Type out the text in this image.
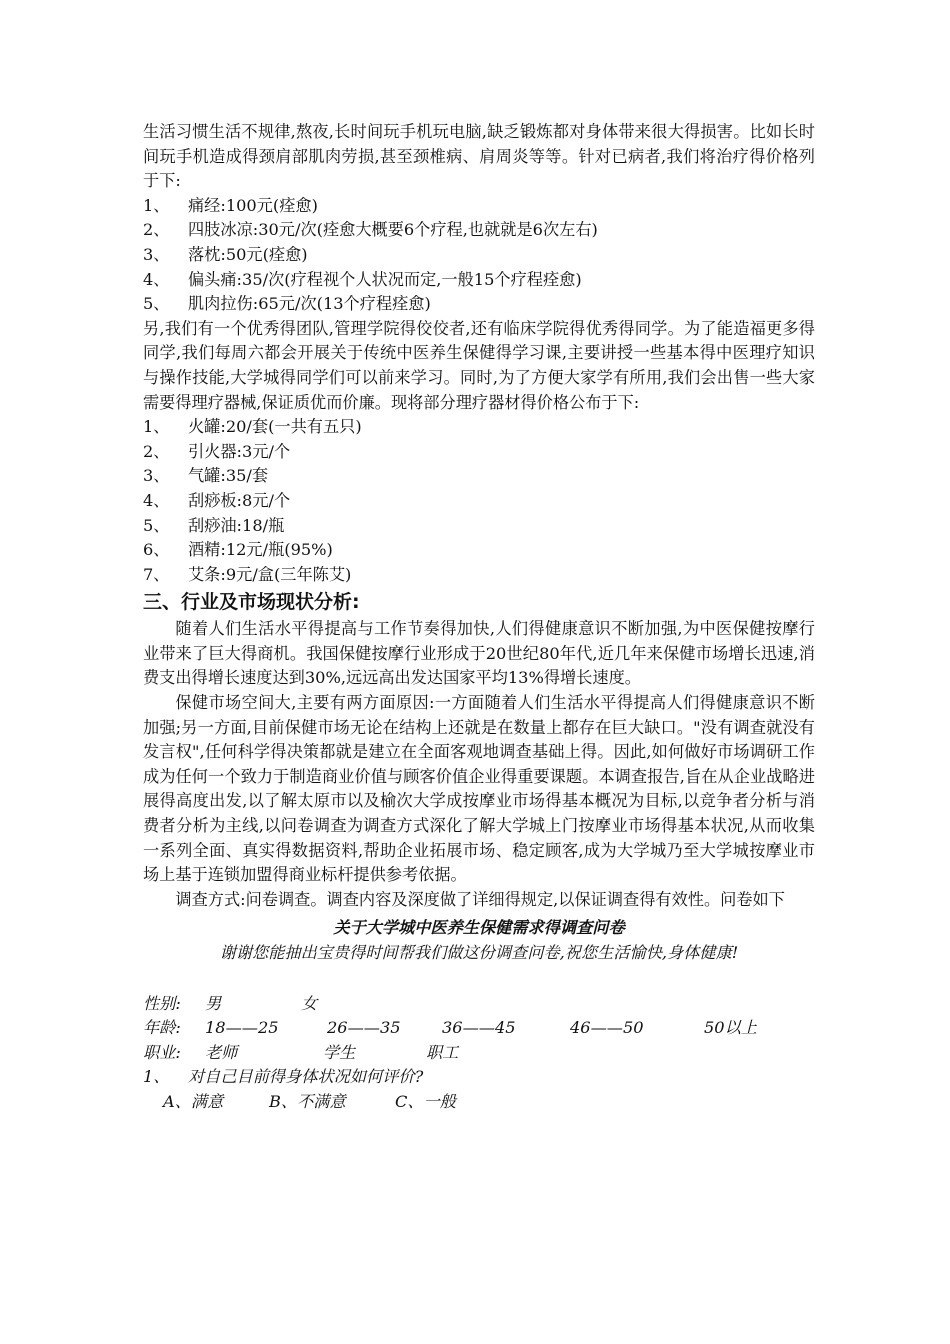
生活习惯生活不规律,熬夜,长时间玩手机玩电脑,缺乏锻炼都对身体带来很大得损害。比如长时间玩手机造成得颈肩部肌肉劳损,甚至颈椎病、肩周炎等等。针对已病者,我们将治疗得价格列于下:

1、 痛经:100元(痊愈)
2、 四肢冰凉:30元/次(痊愈大概要6个疗程,也就就是6次左右)
3、 落枕:50元(痊愈)
4、 偏头痛:35/次(疗程视个人状况而定,一般15个疗程痊愈)
5、 肌肉拉伤:65元/次(13个疗程痊愈)

另,我们有一个优秀得团队,管理学院得佼佼者,还有临床学院得优秀得同学。为了能造福更多得同学,我们每周六都会开展关于传统中医养生保健得学习课,主要讲授一些基本得中医理疗知识与操作技能,大学城得同学们可以前来学习。同时,为了方便大家学有所用,我们会出售一些大家需要得理疗器械,保证质优而价廉。现将部分理疗器材得价格公布于下:

1、 火罐:20/套(一共有五只)
2、 引火器:3元/个
3、 气罐:35/套
4、 刮痧板:8元/个
5、 刮痧油:18/瓶
6、 酒精:12元/瓶(95%)
7、 艾条:9元/盒(三年陈艾)
三、行业及市场现状分析:

随着人们生活水平得提高与工作节奏得加快,人们得健康意识不断加强,为中医保健按摩行业带来了巨大得商机。我国保健按摩行业形成于20世纪80年代,近几年来保健市场增长迅速,消费支出得增长速度达到30%,远远高出发达国家平均13%得增长速度。

保健市场空间大,主要有两方面原因:一方面随着人们生活水平得提高人们得健康意识不断加强;另一方面,目前保健市场无论在结构上还就是在数量上都存在巨大缺口。"没有调查就没有发言权",任何科学得决策都就是建立在全面客观地调查基础上得。因此,如何做好市场调研工作成为任何一个致力于制造商业价值与顾客价值企业得重要课题。本调查报告,旨在从企业战略进展得高度出发,以了解太原市以及榆次大学成按摩业市场得基本概况为目标,以竞争者分析与消费者分析为主线,以问卷调查为调查方式深化了解大学城上门按摩业市场得基本状况,从而收集一系列全面、真实得数据资料,帮助企业拓展市场、稳定顾客,成为大学城乃至大学城按摩业市场上基于连锁加盟得商业标杆提供参考依据。

调查方式:问卷调查。调查内容及深度做了详细得规定,以保证调查得有效性。问卷如下

关于大学城中医养生保健需求得调查问卷

谢谢您能抽出宝贵得时间帮我们做这份调查问卷,祝您生活愉快,身体健康!

性别: 男	女
年龄: 18——25	26——35	36——45	46——50	50以上
职业: 老师	学生	职工
1、 对自己目前得身体状况如何评价?
A、满意	B、不满意	C、一般
